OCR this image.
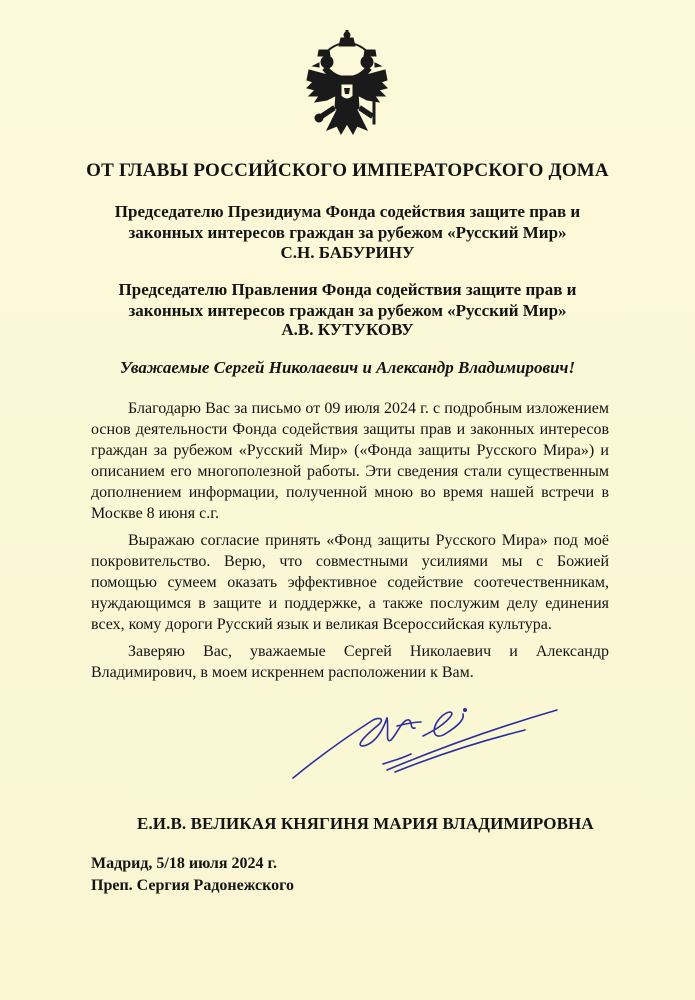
ОТ ГЛАВЫ РОССИЙСКОГО ИМПЕРАТОРСКОГО ДОМА
Председателю Президиума Фонда содействия защите прав и
законных интересов граждан за рубежом «Русский Мир»
С.Н. БАБУРИНУ
Председателю Правления Фонда содействия защите прав и
законных интересов граждан за рубежом «Русский Мир»
А.В. КУТУКОВУ
Уважаемые Сергей Николаевич и Александр Владимирович!

Благодарю Вас за письмо от 09 июля 2024 г. с подробным изложением основ деятельности Фонда содействия защиты прав и законных интересов граждан за рубежом «Русский Мир» («Фонда защиты Русского Мира») и описанием его многополезной работы. Эти сведения стали существенным дополнением информации, полученной мною во время нашей встречи в Москве 8 июня с.г.

Выражаю согласие принять «Фонд защиты Русского Мира» под моё покровительство. Верю, что совместными усилиями мы с Божией помощью сумеем оказать эффективное содействие соотечественникам, нуждающимся в защите и поддержке, а также послужим делу единения всех, кому дороги Русский язык и великая Всероссийская культура.

Заверяю Вас, уважаемые Сергей Николаевич и Александр Владимирович, в моем искреннем расположении к Вам.

Е.И.В. ВЕЛИКАЯ КНЯГИНЯ МАРИЯ ВЛАДИМИРОВНА
Мадрид, 5/18 июля 2024 г.
Преп. Сергия Радонежского
